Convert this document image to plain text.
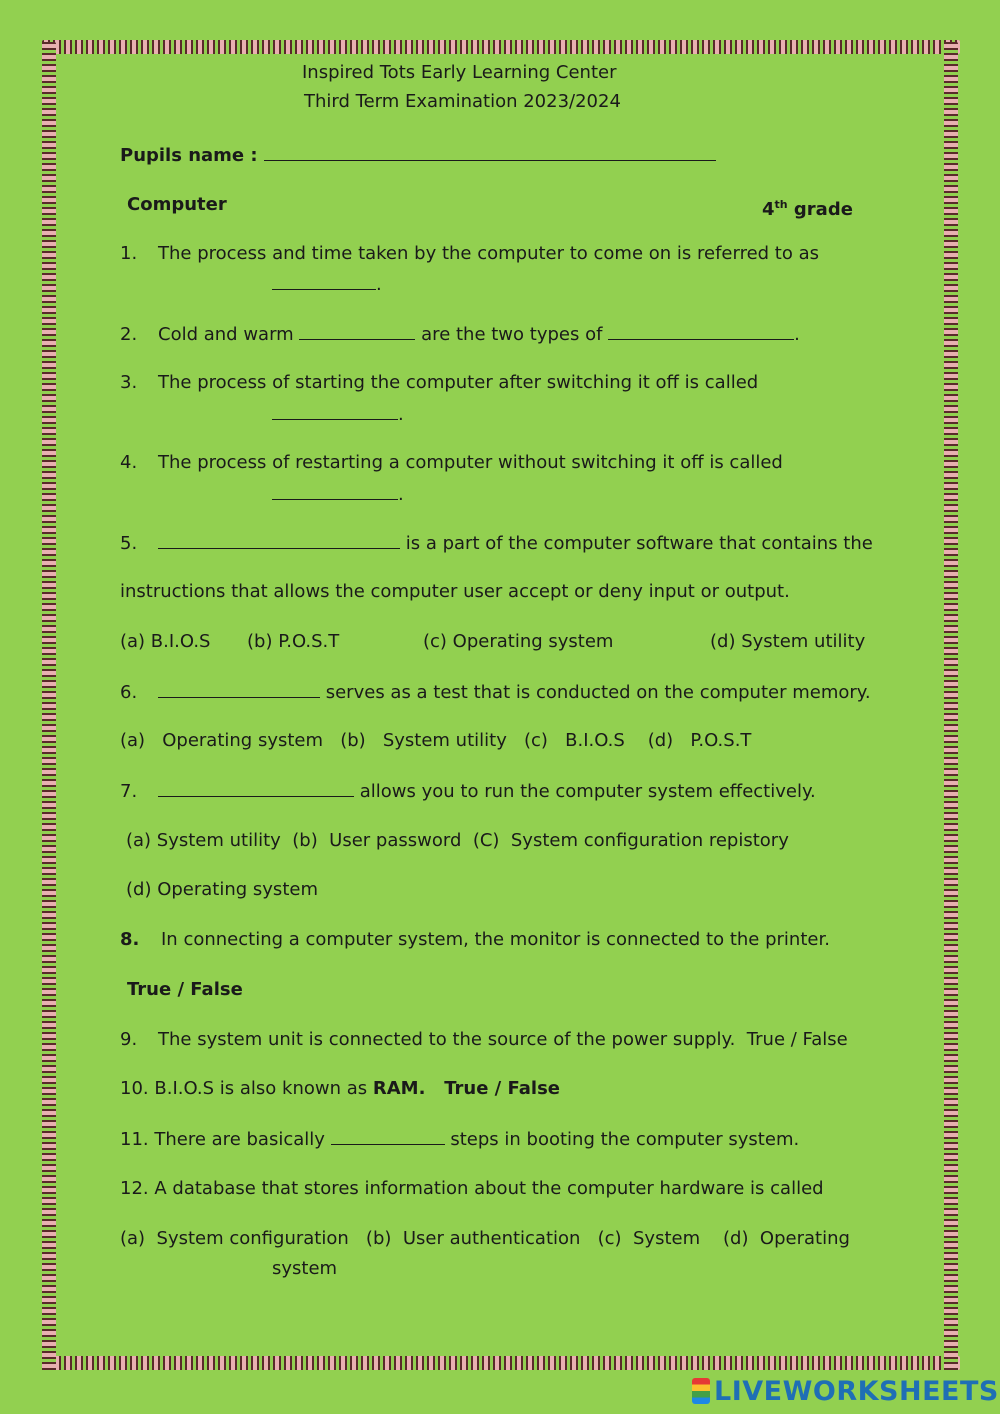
Inspired Tots Early Learning Center
Third Term Examination 2023/2024
Pupils name :
Computer	4th grade
1. The process and time taken by the computer to come on is referred to as
.
2. Cold and warm	are the two types of	.
3. The process of starting the computer after switching it off is called
.
4. The process of restarting a computer without switching it off is called
.
5.	is a part of the computer software that contains the
instructions that allows the computer user accept or deny input or output.
(a) B.I.O.S (b) P.O.S.T	(c) Operating system	(d) System utility
6.	serves as a test that is conducted on the computer memory.
(a)   Operating system   (b)   System utility   (c)   B.I.O.S    (d)   P.O.S.T
7.	allows you to run the computer system effectively.
(a) System utility  (b)  User password  (C)  System configuration repistory
(d) Operating system
8. In connecting a computer system, the monitor is connected to the printer.
True / False
9. The system unit is connected to the source of the power supply.  True / False
10. B.I.O.S is also known as RAM.   True / False
11. There are basically	steps in booting the computer system.
12. A database that stores information about the computer hardware is called
(a)  System configuration   (b)  User authentication   (c)  System    (d)  Operating
system
LIVEWORKSHEETS
